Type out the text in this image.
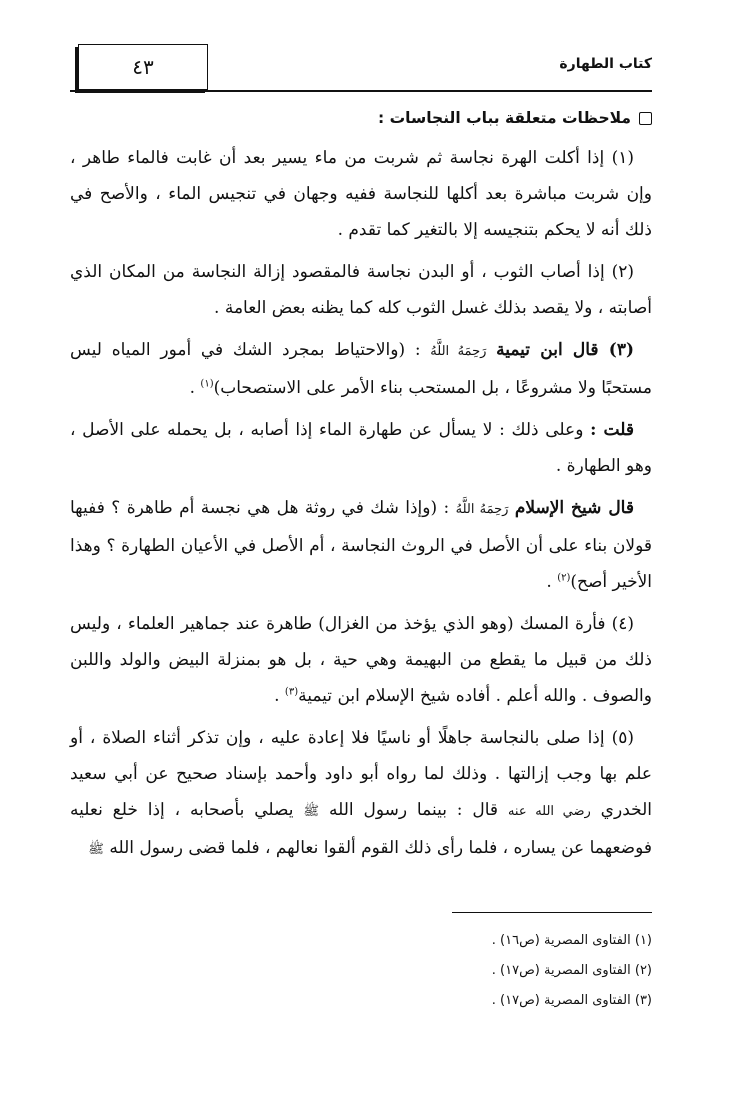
٤٣	كتاب الطهارة

ملاحظات متعلقة بباب النجاسات :

(١) إذا أكلت الهرة نجاسة ثم شربت من ماء يسير بعد أن غابت فالماء طاهر ، وإن شربت مباشرة بعد أكلها للنجاسة ففيه وجهان في تنجيس الماء ، والأصح في ذلك أنه لا يحكم بتنجيسه إلا بالتغير كما تقدم .

(٢) إذا أصاب الثوب ، أو البدن نجاسة فالمقصود إزالة النجاسة من المكان الذي أصابته ، ولا يقصد بذلك غسل الثوب كله كما يظنه بعض العامة .

(٣) قال ابن تيمية رَحِمَهُ اللَّهُ : (والاحتياط بمجرد الشك في أمور المياه ليس مستحبًا ولا مشروعًا ، بل المستحب بناء الأمر على الاستصحاب)$^{(١)}$ .

قلت : وعلى ذلك : لا يسأل عن طهارة الماء إذا أصابه ، بل يحمله على الأصل ، وهو الطهارة .

قال شيخ الإسلام رَحِمَهُ اللَّهُ : (وإذا شك في روثة هل هي نجسة أم طاهرة ؟ ففيها قولان بناء على أن الأصل في الروث النجاسة ، أم الأصل في الأعيان الطهارة ؟ وهذا الأخير أصح)$^{(٢)}$ .

(٤) فأرة المسك (وهو الذي يؤخذ من الغزال) طاهرة عند جماهير العلماء ، وليس ذلك من قبيل ما يقطع من البهيمة وهي حية ، بل هو بمنزلة البيض والولد واللبن والصوف . والله أعلم . أفاده شيخ الإسلام ابن تيمية$^{(٣)}$ .

(٥) إذا صلى بالنجاسة جاهلًا أو ناسيًا فلا إعادة عليه ، وإن تذكر أثناء الصلاة ، أو علم بها وجب إزالتها . وذلك لما رواه أبو داود وأحمد بإسناد صحيح عن أبي سعيد الخدري رضي الله عنه قال : بينما رسول الله ﷺ يصلي بأصحابه ، إذا خلع نعليه فوضعهما عن يساره ، فلما رأى ذلك القوم ألقوا نعالهم ، فلما قضى رسول الله ﷺ

(١) الفتاوى المصرية (ص١٦) .
(٢) الفتاوى المصرية (ص١٧) .
(٣) الفتاوى المصرية (ص١٧) .
